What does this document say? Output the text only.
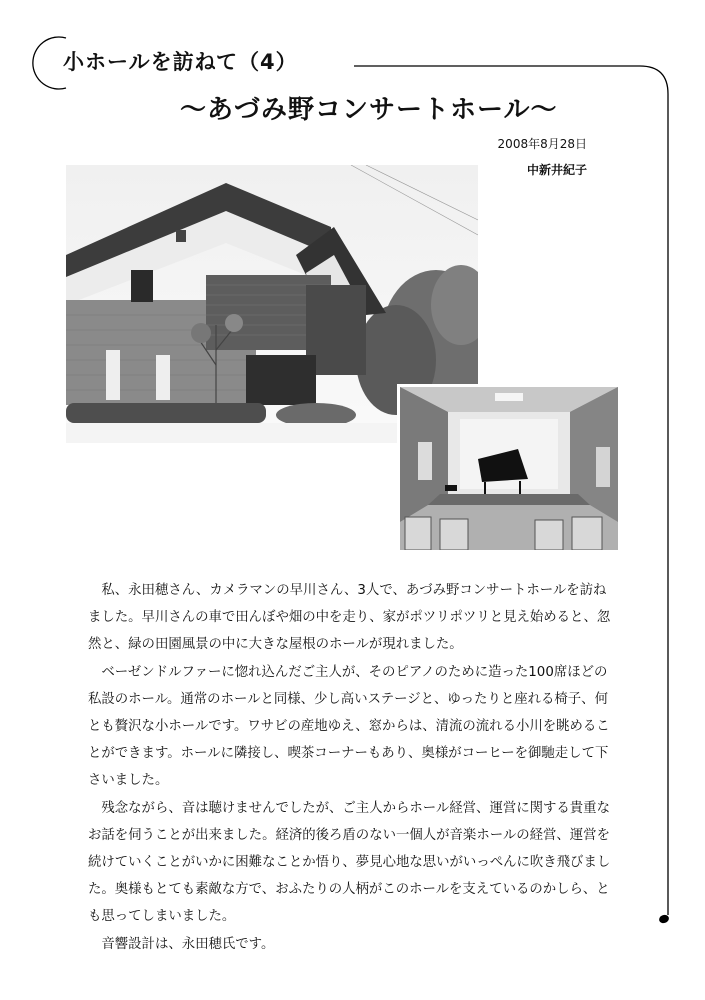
小ホールを訪ねて（4）
～あづみ野コンサートホール～
2008年8月28日
中新井紀子

私、永田穂さん、カメラマンの早川さん、3人で、あづみ野コンサートホールを訪ねました。早川さんの車で田んぼや畑の中を走り、家がポツリポツリと見え始めると、忽然と、緑の田園風景の中に大きな屋根のホールが現れました。

ベーゼンドルファーに惚れ込んだご主人が、そのピアノのために造った100席ほどの私設のホール。通常のホールと同様、少し高いステージと、ゆったりと座れる椅子、何とも贅沢な小ホールです。ワサビの産地ゆえ、窓からは、清流の流れる小川を眺めることができます。ホールに隣接し、喫茶コーナーもあり、奥様がコーヒーを御馳走して下さいました。

残念ながら、音は聴けませんでしたが、ご主人からホール経営、運営に関する貴重なお話を伺うことが出来ました。経済的後ろ盾のない一個人が音楽ホールの経営、運営を続けていくことがいかに困難なことか悟り、夢見心地な思いがいっぺんに吹き飛びました。奥様もとても素敵な方で、おふたりの人柄がこのホールを支えているのかしら、とも思ってしまいました。

音響設計は、永田穂氏です。
